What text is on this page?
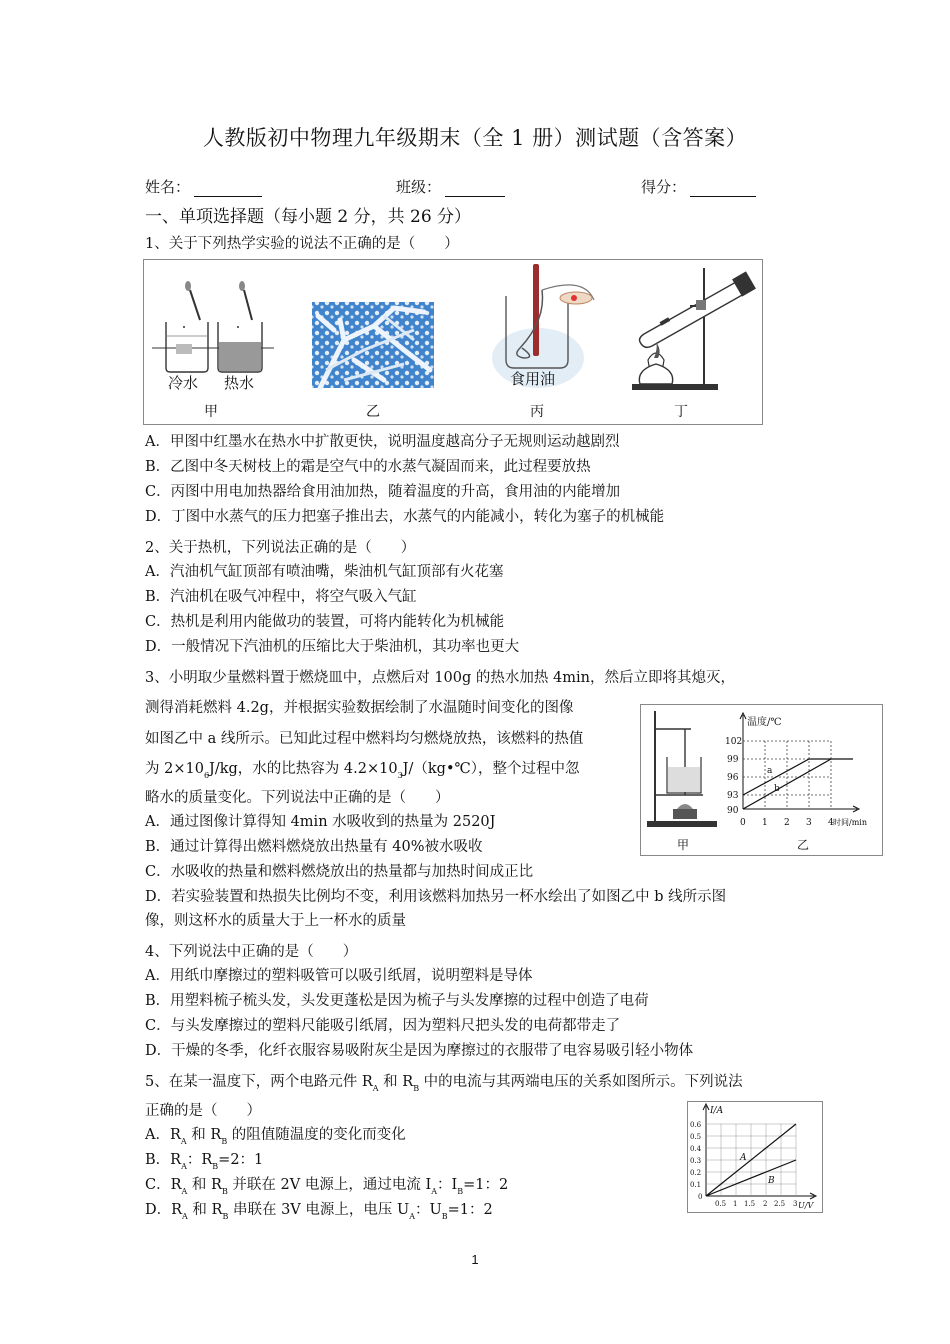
人教版初中物理九年级期末（全 1 册）测试题（含答案）
姓名：	班级：	得分：
一、单项选择题（每小题 2 分，共 26 分）
1、关于下列热学实验的说法不正确的是（　　）
冷水 热水
甲	乙
食用油
丙	丁
A．甲图中红墨水在热水中扩散更快，说明温度越高分子无规则运动越剧烈
B．乙图中冬天树枝上的霜是空气中的水蒸气凝固而来，此过程要放热
C．丙图中用电加热器给食用油加热，随着温度的升高，食用油的内能增加
D．丁图中水蒸气的压力把塞子推出去，水蒸气的内能减小，转化为塞子的机械能
2、关于热机，下列说法正确的是（　　）
A．汽油机气缸顶部有喷油嘴，柴油机气缸顶部有火花塞
B．汽油机在吸气冲程中，将空气吸入气缸
C．热机是利用内能做功的装置，可将内能转化为机械能
D．一般情况下汽油机的压缩比大于柴油机，其功率也更大
3、小明取少量燃料置于燃烧皿中，点燃后对 100g 的热水加热 4min，然后立即将其熄灭，
测得消耗燃料 4.2g，并根据实验数据绘制了水温随时间变化的图像
如图乙中 a 线所示。已知此过程中燃料均匀燃烧放热，该燃料的热值
为 $2\times 10_6J/kg$，水的比热容为 $4.2\times 10_3J/(kg•℃)$，整个过程中忽
略水的质量变化。下列说法中正确的是（　　）
A．通过图像计算得知 4min 水吸收到的热量为 2520J
B．通过计算得出燃料燃烧放出热量有 40%被水吸收
C．水吸收的热量和燃料燃烧放出的热量都与加热时间成正比
D．若实验装置和热损失比例均不变，利用该燃料加热另一杯水绘出了如图乙中 b 线所示图
像，则这杯水的质量大于上一杯水的质量
甲
温度/℃
时间/min
102
99
96
93
90
0 1 2 3 4
a
b
乙
4、下列说法中正确的是（　　）
A．用纸巾摩擦过的塑料吸管可以吸引纸屑，说明塑料是导体
B．用塑料梳子梳头发，头发更蓬松是因为梳子与头发摩擦的过程中创造了电荷
C．与头发摩擦过的塑料尺能吸引纸屑，因为塑料尺把头发的电荷都带走了
D．干燥的冬季，化纤衣服容易吸附灰尘是因为摩擦过的衣服带了电容易吸引轻小物体
5、在某一温度下，两个电路元件 $R_A$ 和 $R_B$ 中的电流与其两端电压的关系如图所示。下列说法
正确的是（　　）
A．$R_A$ 和 $R_B$ 的阻值随温度的变化而变化
B．$R_A$：$R_B=2$：1
C．$R_A$ 和 $R_B$ 并联在 2V 电源上，通过电流 $I_A$：$I_B=1$：2
D．$R_A$ 和 $R_B$ 串联在 3V 电源上，电压 $U_A$：$U_B=1$：2
I/A
U/V
0.6
0.5
0.4
0.3
0.2
0.1
0
0.5 1 1.5 2 2.5 3
A
B
1
